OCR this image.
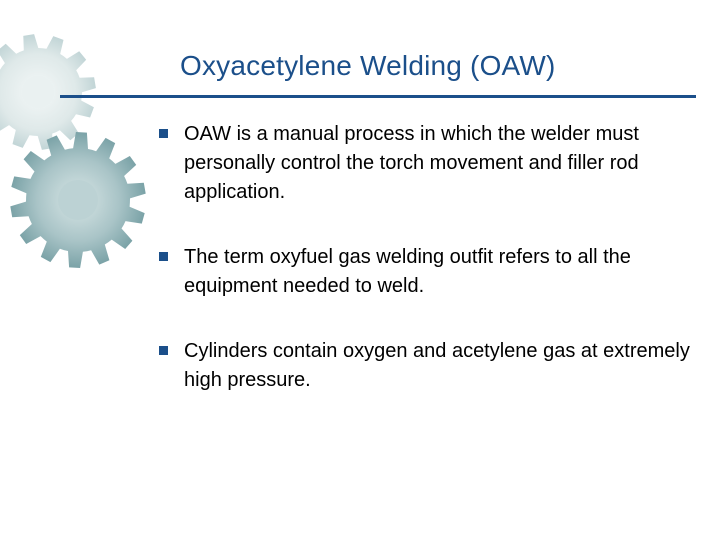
Oxyacetylene Welding (OAW)
OAW is a manual process in which the welder must personally control the torch movement and filler rod application.
The term oxyfuel gas welding outfit refers to all the equipment needed to weld.
Cylinders contain oxygen and acetylene gas at extremely high pressure.
